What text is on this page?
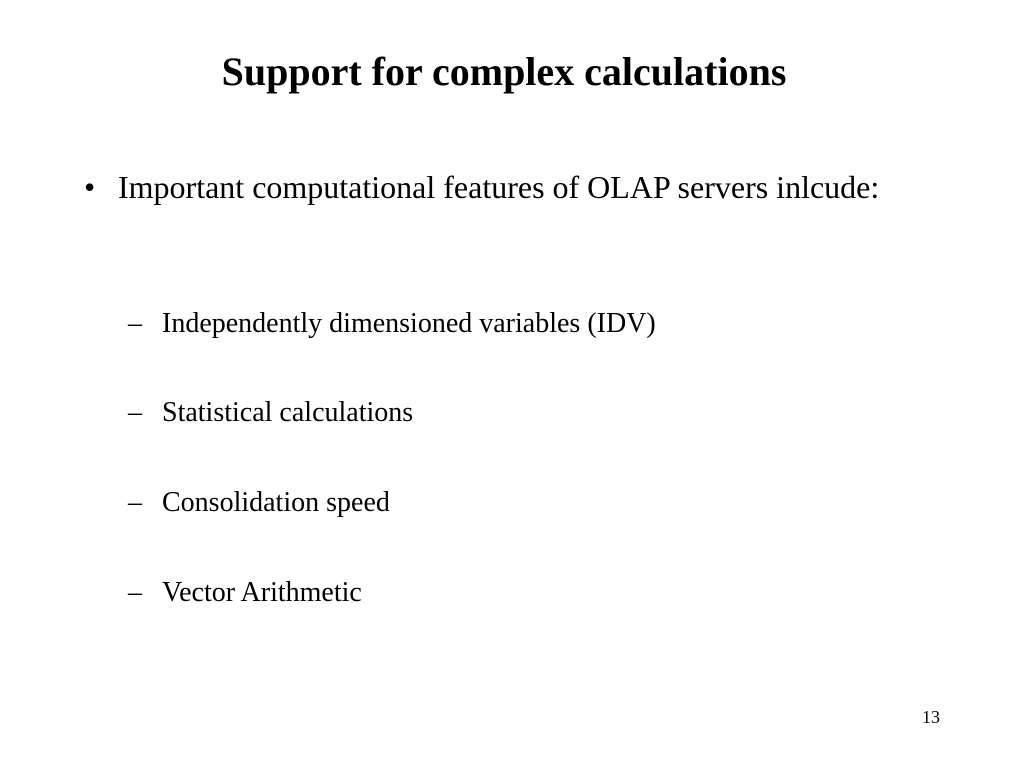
Support for complex calculations
• Important computational features of OLAP servers inlcude:
– Independently dimensioned variables (IDV)
– Statistical calculations
– Consolidation speed
– Vector Arithmetic
13
